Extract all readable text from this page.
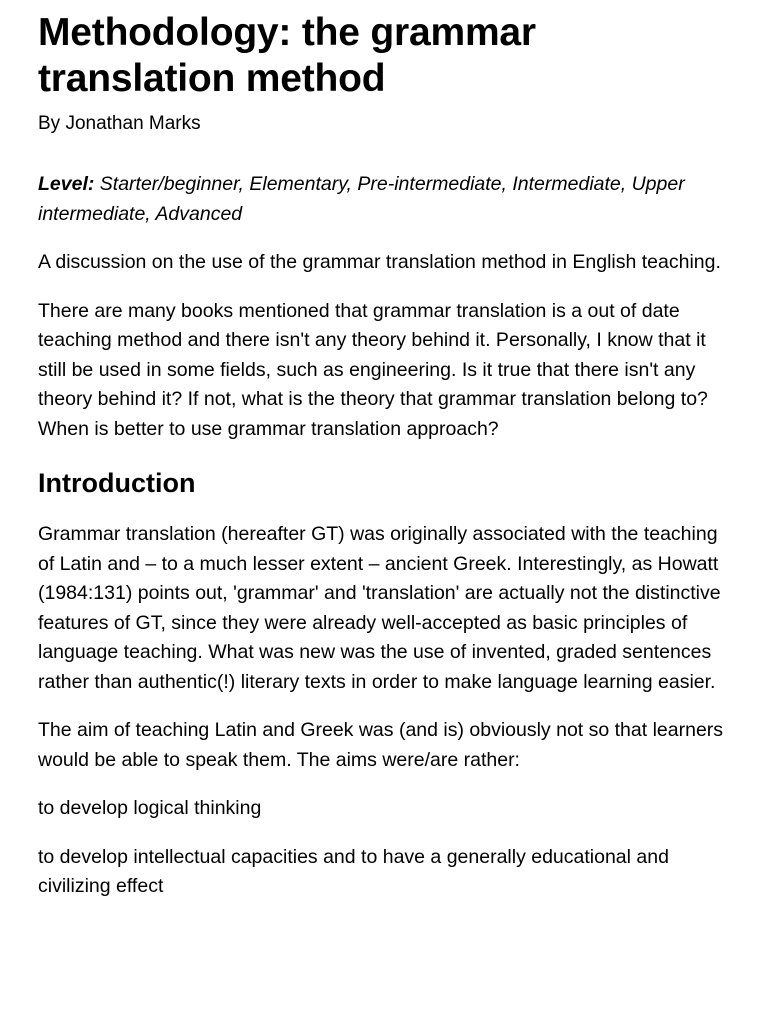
Methodology: the grammar translation method
By Jonathan Marks
Level: Starter/beginner, Elementary, Pre-intermediate, Intermediate, Upper intermediate, Advanced

A discussion on the use of the grammar translation method in English teaching.

There are many books mentioned that grammar translation is a out of date teaching method and there isn't any theory behind it. Personally, I know that it still be used in some fields, such as engineering. Is it true that there isn't any theory behind it? If not, what is the theory that grammar translation belong to? When is better to use grammar translation approach?

Introduction

Grammar translation (hereafter GT) was originally associated with the teaching of Latin and – to a much lesser extent – ancient Greek. Interestingly, as Howatt (1984:131) points out, 'grammar' and 'translation' are actually not the distinctive features of GT, since they were already well-accepted as basic principles of language teaching. What was new was the use of invented, graded sentences rather than authentic(!) literary texts in order to make language learning easier.

The aim of teaching Latin and Greek was (and is) obviously not so that learners would be able to speak them. The aims were/are rather:

to develop logical thinking

to develop intellectual capacities and to have a generally educational and civilizing effect
